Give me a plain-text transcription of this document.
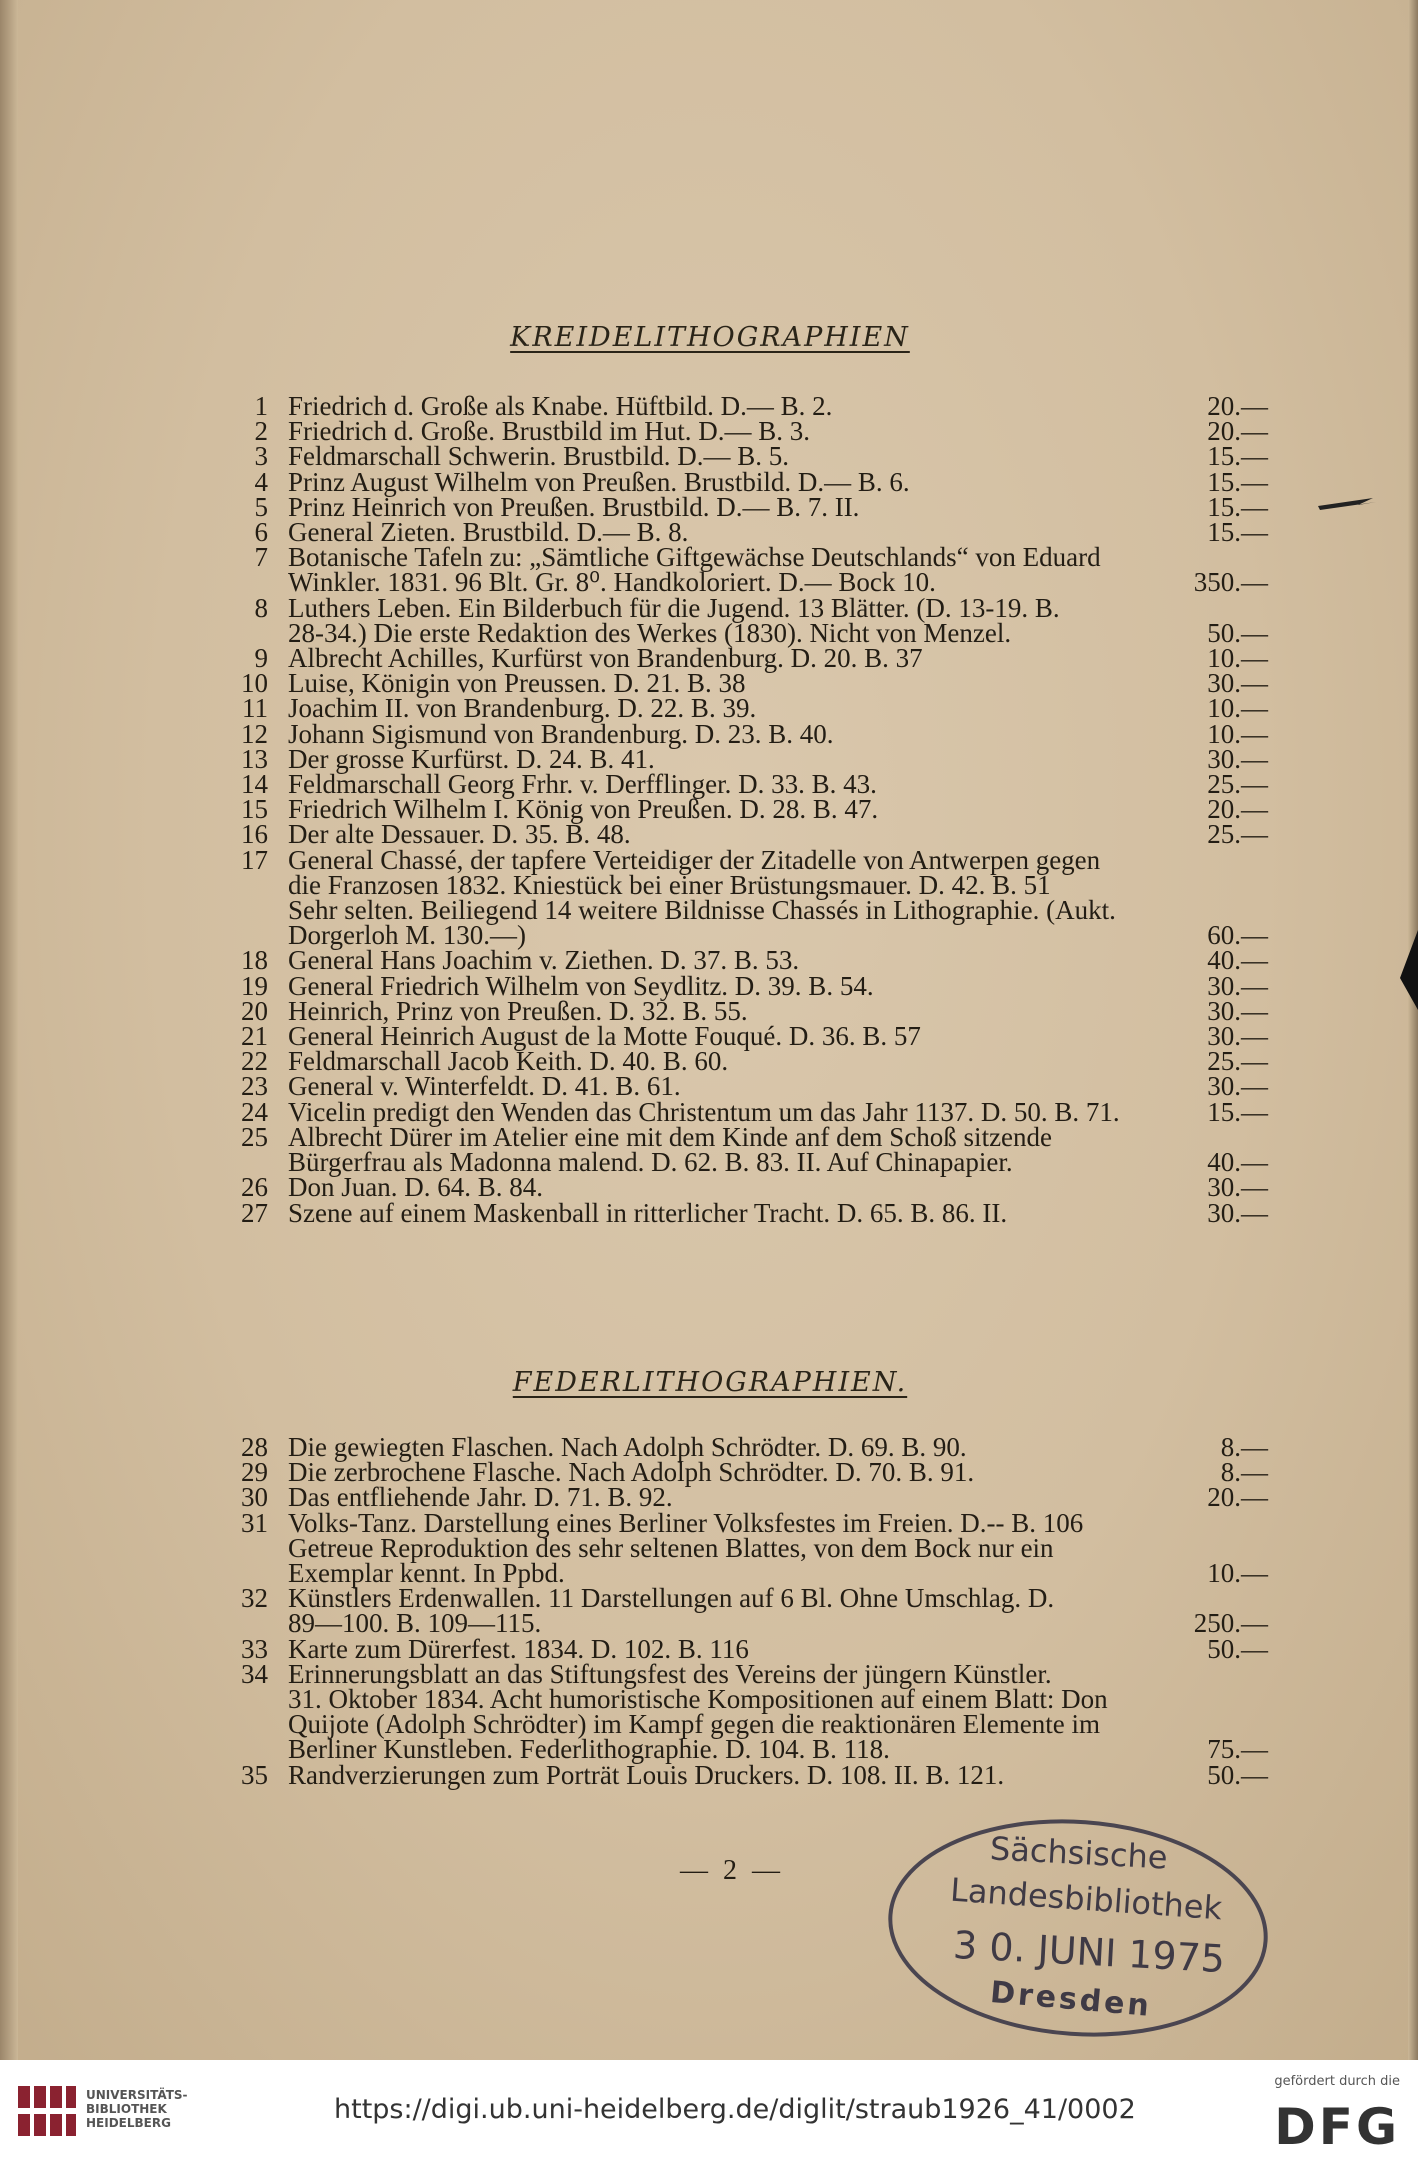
KREIDELITHOGRAPHIEN
1 Friedrich d. Große als Knabe. Hüftbild. D.— B. 2.	20.—
2 Friedrich d. Große. Brustbild im Hut. D.— B. 3.	20.—
3 Feldmarschall Schwerin. Brustbild. D.— B. 5.	15.—
4 Prinz August Wilhelm von Preußen. Brustbild. D.— B. 6.	15.—
5 Prinz Heinrich von Preußen. Brustbild. D.— B. 7. II.	15.—
6 General Zieten. Brustbild. D.— B. 8.	15.—
7 Botanische Tafeln zu: „Sämtliche Giftgewächse Deutschlands“ von Eduard
Winkler. 1831. 96 Blt. Gr. 8⁰. Handkoloriert. D.— Bock 10.	350.—
8 Luthers Leben. Ein Bilderbuch für die Jugend. 13 Blätter. (D. 13-19. B.
28-34.) Die erste Redaktion des Werkes (1830). Nicht von Menzel.	50.—
9 Albrecht Achilles, Kurfürst von Brandenburg. D. 20. B. 37	10.—
10 Luise, Königin von Preussen. D. 21. B. 38	30.—
11 Joachim II. von Brandenburg. D. 22. B. 39.	10.—
12 Johann Sigismund von Brandenburg. D. 23. B. 40.	10.—
13 Der grosse Kurfürst. D. 24. B. 41.	30.—
14 Feldmarschall Georg Frhr. v. Derfflinger. D. 33. B. 43.	25.—
15 Friedrich Wilhelm I. König von Preußen. D. 28. B. 47.	20.—
16 Der alte Dessauer. D. 35. B. 48.	25.—
17 General Chassé, der tapfere Verteidiger der Zitadelle von Antwerpen gegen
die Franzosen 1832. Kniestück bei einer Brüstungsmauer. D. 42. B. 51
Sehr selten. Beiliegend 14 weitere Bildnisse Chassés in Lithographie. (Aukt.
Dorgerloh M. 130.—)	60.—
18 General Hans Joachim v. Ziethen. D. 37. B. 53.	40.—
19 General Friedrich Wilhelm von Seydlitz. D. 39. B. 54.	30.—
20 Heinrich, Prinz von Preußen. D. 32. B. 55.	30.—
21 General Heinrich August de la Motte Fouqué. D. 36. B. 57	30.—
22 Feldmarschall Jacob Keith. D. 40. B. 60.	25.—
23 General v. Winterfeldt. D. 41. B. 61.	30.—
24 Vicelin predigt den Wenden das Christentum um das Jahr 1137. D. 50. B. 71.	15.—
25 Albrecht Dürer im Atelier eine mit dem Kinde anf dem Schoß sitzende
Bürgerfrau als Madonna malend. D. 62. B. 83. II. Auf Chinapapier.	40.—
26 Don Juan. D. 64. B. 84.	30.—
27 Szene auf einem Maskenball in ritterlicher Tracht. D. 65. B. 86. II.	30.—
FEDERLITHOGRAPHIEN.
28 Die gewiegten Flaschen. Nach Adolph Schrödter. D. 69. B. 90.	8.—
29 Die zerbrochene Flasche. Nach Adolph Schrödter. D. 70. B. 91.	8.—
30 Das entfliehende Jahr. D. 71. B. 92.	20.—
31 Volks-Tanz. Darstellung eines Berliner Volksfestes im Freien. D.-- B. 106
Getreue Reproduktion des sehr seltenen Blattes, von dem Bock nur ein
Exemplar kennt. In Ppbd.	10.—
32 Künstlers Erdenwallen. 11 Darstellungen auf 6 Bl. Ohne Umschlag. D.
89—100. B. 109—115.	250.—
33 Karte zum Dürerfest. 1834. D. 102. B. 116	50.—
34 Erinnerungsblatt an das Stiftungsfest des Vereins der jüngern Künstler.
31. Oktober 1834. Acht humoristische Kompositionen auf einem Blatt: Don
Quijote (Adolph Schrödter) im Kampf gegen die reaktionären Elemente im
Berliner Kunstleben. Federlithographie. D. 104. B. 118.	75.—
35 Randverzierungen zum Porträt Louis Druckers. D. 108. II. B. 121.	50.—
— 2 —	Sächsische
Landesbibliothek
3 0. JUNI 1975
Dresden
UNIVERSITÄTS-
BIBLIOTHEK
HEIDELBERG	https://digi.ub.uni-heidelberg.de/diglit/straub1926_41/0002
gefördert durch die
DFG
